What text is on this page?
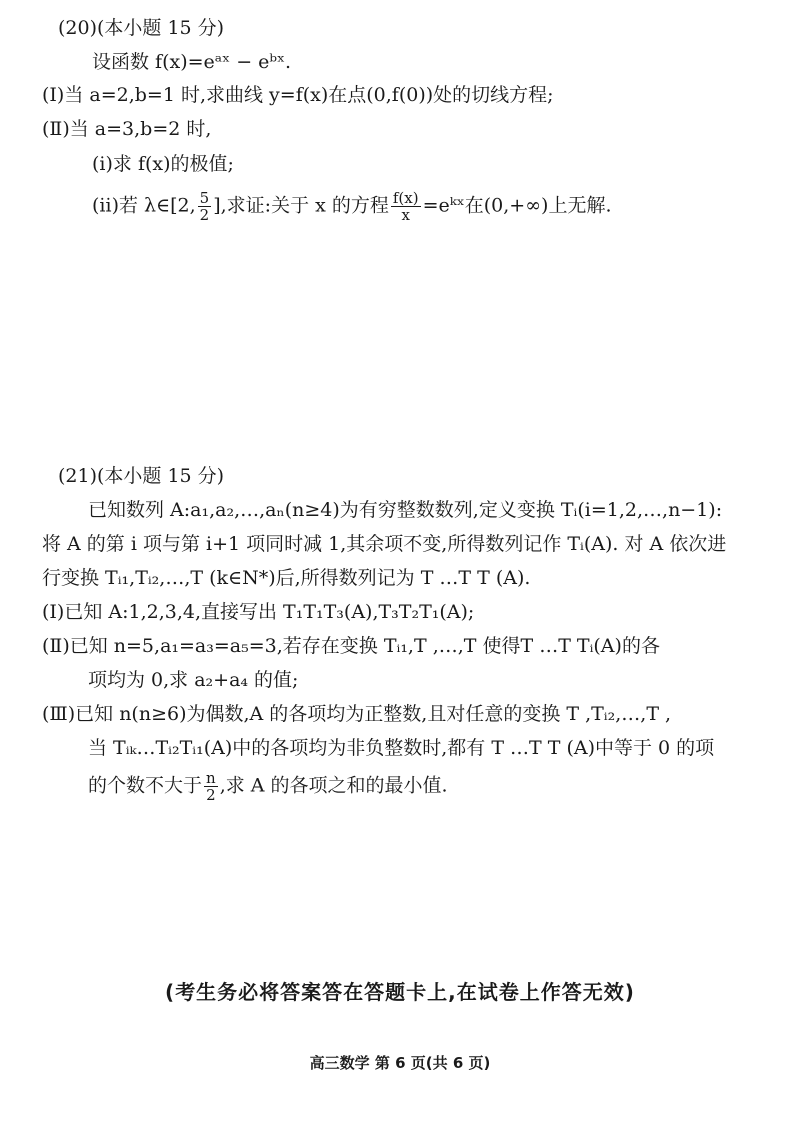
(20)(本小题 15 分)
设函数 f(x)=eᵃˣ − eᵇˣ.
(Ⅰ)当 a=2,b=1 时,求曲线 y=f(x)在点(0,f(0))处的切线方程;
(Ⅱ)当 a=3,b=2 时,
(ⅰ)求 f(x)的极值;
(ⅱ)若 λ∈[2, $\frac{5}{2}$ ],求证:关于 x 的方程 $\frac{f(x)}{x}$ =eᵏˣ在(0,+∞)上无解.
(21)(本小题 15 分)
已知数列 A:a₁,a₂,…,aₙ(n≥4)为有穷整数数列,定义变换 Tᵢ(i=1,2,…,n−1):
将 A 的第 i 项与第 i+1 项同时减 1,其余项不变,所得数列记作 Tᵢ(A). 对 A 依次进
行变换 Tᵢ₁,Tᵢ₂,…,T (k∈N*)后,所得数列记为 T …T T (A).
(Ⅰ)已知 A:1,2,3,4,直接写出 T₁T₁T₃(A),T₃T₂T₁(A);
(Ⅱ)已知 n=5,a₁=a₃=a₅=3,若存在变换 Tᵢ₁,T ,…,T 使得T …T Tᵢ(A)的各
项均为 0,求 a₂+a₄ 的值;
(Ⅲ)已知 n(n≥6)为偶数,A 的各项均为正整数,且对任意的变换 T ,Tᵢ₂,…,T ,
当 Tᵢₖ…Tᵢ₂Tᵢ₁(A)中的各项均为非负整数时,都有 T …T T (A)中等于 0 的项
的个数不大于 $\frac{n}{2}$ ,求 A 的各项之和的最小值.
(考生务必将答案答在答题卡上,在试卷上作答无效)
高三数学 第 6 页(共 6 页)
